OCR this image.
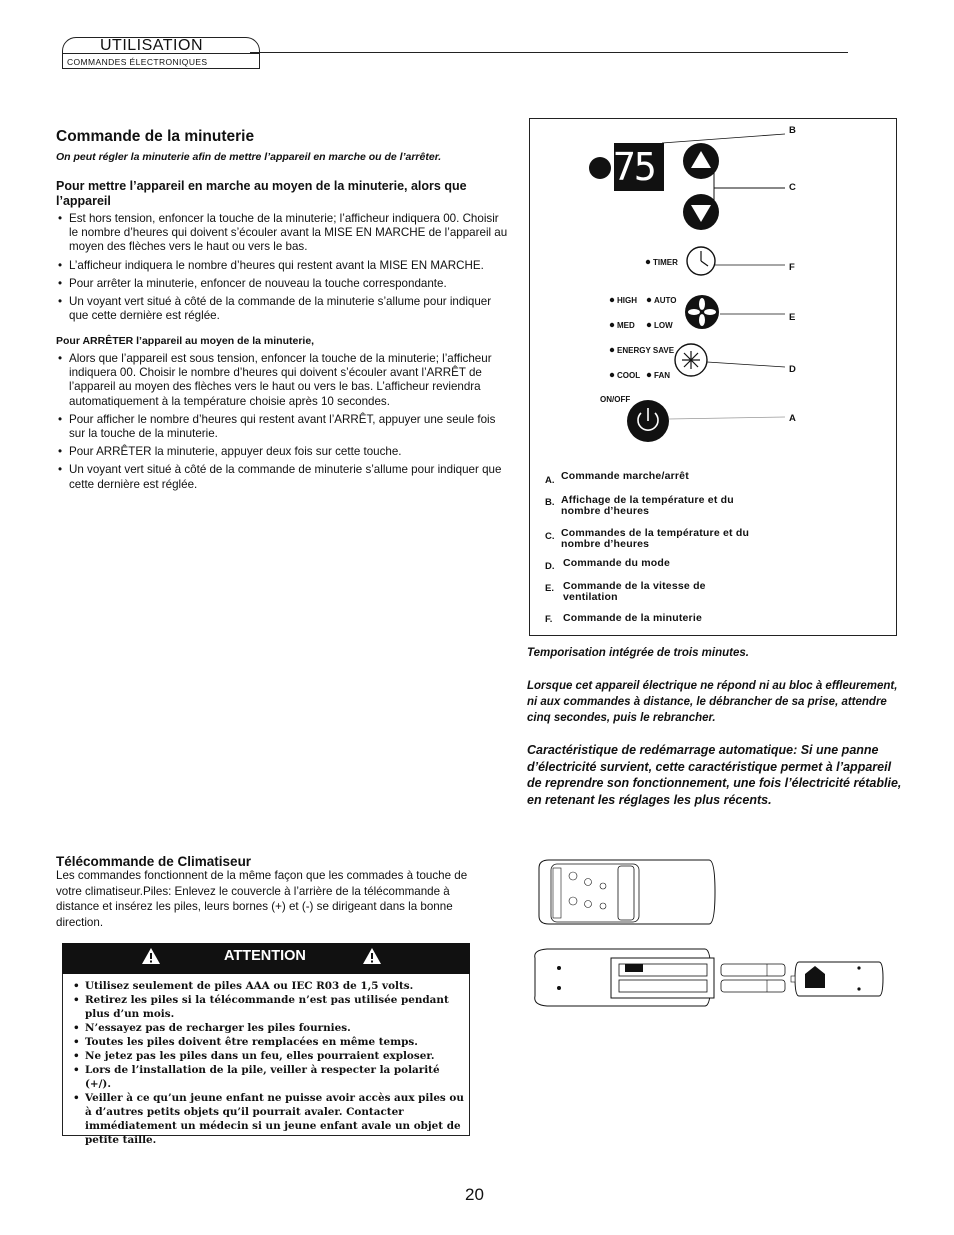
UTILISATION
COMMANDES ÉLECTRONIQUES
Commande de la minuterie
On peut régler la minuterie afin de mettre l’appareil en marche ou de l’arrêter.
Pour mettre l’appareil en marche au moyen de la minuterie, alors que l’appareil
• Est hors tension, enfoncer la touche de la minuterie; l’afficheur indiquera 00. Choisir le nombre d’heures qui doivent s’écouler avant la MISE EN MARCHE de l’appareil au moyen des flèches vers le haut ou vers le bas.
• L’afficheur indiquera le nombre d’heures qui restent avant la MISE EN MARCHE.
• Pour arrêter la minuterie, enfoncer de nouveau la touche correspondante.
• Un voyant vert situé à côté de la commande de la minuterie s’allume pour indiquer que cette dernière est réglée.
Pour ARRÊTER l’appareil au moyen de la minuterie,
• Alors que l’appareil est sous tension, enfoncer la touche de la minuterie; l’afficheur indiquera 00. Choisir le nombre d’heures qui doivent s’écouler avant l’ARRÊT de l’appareil au moyen des flèches vers le haut ou vers le bas. L’afficheur reviendra automatiquement à la température choisie après 10 secondes.
• Pour afficher le nombre d’heures qui restent avant l’ARRÊT, appuyer une seule fois sur la touche de la minuterie.
• Pour ARRÊTER la minuterie, appuyer deux fois sur cette touche.
• Un voyant vert situé à côté de la commande de minuterie s’allume pour indiquer que cette dernière est réglée.
75
TIMER
HIGH AUTO
MED LOW
ENERGY SAVE
COOL FAN
ON/OFF
B
C
F
E
D
A
A. Commande marche/arrêt
B. Affichage de la température et du nombre d’heures
C. Commandes de la température et du nombre d’heures
D. Commande du mode
E. Commande de la vitesse de ventilation
F. Commande de la minuterie
Temporisation intégrée de trois minutes.
Lorsque cet appareil électrique ne répond ni au bloc à effleurement, ni aux commandes à distance, le débrancher de sa prise, attendre cinq secondes, puis le rebrancher.
Caractéristique de redémarrage automatique: Si une panne d’électricité survient, cette caractéristique permet à l’appareil de reprendre son fonctionnement, une fois l’électricité rétablie, en retenant les réglages les plus récents.
Télécommande de Climatiseur
Les commandes fonctionnent de la même façon que les commades à touche de votre climatiseur.Piles: Enlevez le couvercle à l’arrière de la télécommande à distance et insérez les piles, leurs bornes (+) et (-) se dirigeant dans la bonne direction.
ATTENTION
• Utilisez seulement de piles AAA ou IEC R03 de 1,5 volts.
• Retirez les piles si la télécommande n’est pas utilisée pendant plus d’un mois.
• N’essayez pas de recharger les piles fournies.
• Toutes les piles doivent être remplacées en même temps.
• Ne jetez pas les piles dans un feu, elles pourraient exploser.
• Lors de l’installation de la pile, veiller à respecter la polarité (+/).
• Veiller à ce qu’un jeune enfant ne puisse avoir accès aux piles ou à d’autres petits objets qu’il pourrait avaler. Contacter immédiatement un médecin si un jeune enfant avale un objet de petite taille.
20
